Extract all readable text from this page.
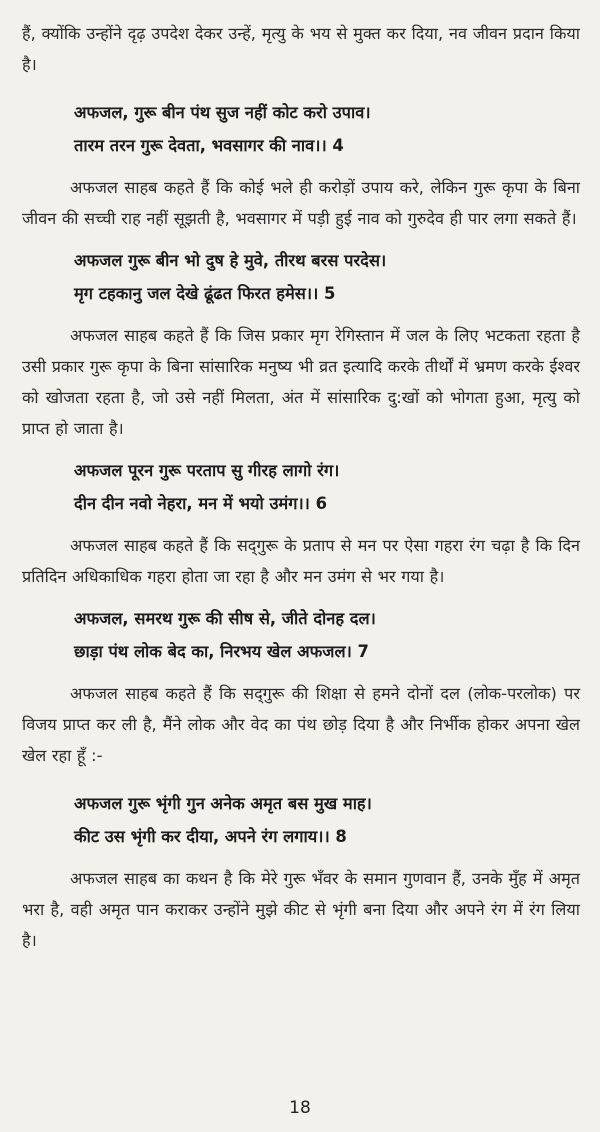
हैं, क्योंकि उन्होंने दृढ़ उपदेश देकर उन्हें, मृत्यु के भय से मुक्त कर दिया, नव जीवन प्रदान किया है।

अफजल, गुरू बीन पंथ सुज नहीं कोट करो उपाव।
तारम तरन गुरू देवता, भवसागर की नाव।। 4

अफजल साहब कहते हैं कि कोई भले ही करोड़ों उपाय करे, लेकिन गुरू कृपा के बिना जीवन की सच्ची राह नहीं सूझती है, भवसागर में पड़ी हुई नाव को गुरुदेव ही पार लगा सकते हैं।

अफजल गुरू बीन भो दुष हे मुवे, तीरथ बरस परदेस।
मृग टहकानु जल देखे ढूंढत फिरत हमेस।। 5

अफजल साहब कहते हैं कि जिस प्रकार मृग रेगिस्तान में जल के लिए भटकता रहता है उसी प्रकार गुरू कृपा के बिना सांसारिक मनुष्य भी व्रत इत्यादि करके तीर्थों में भ्रमण करके ईश्वर को खोजता रहता है, जो उसे नहीं मिलता, अंत में सांसारिक दु:खों को भोगता हुआ, मृत्यु को प्राप्त हो जाता है।

अफजल पूरन गुरू परताप सु गीरह लागो रंग।
दीन दीन नवो नेहरा, मन में भयो उमंग।। 6

अफजल साहब कहते हैं कि सद्‌गुरू के प्रताप से मन पर ऐसा गहरा रंग चढ़ा है कि दिन प्रतिदिन अधिकाधिक गहरा होता जा रहा है और मन उमंग से भर गया है।

अफजल, समरथ गुरू की सीष से, जीते दोनह दल।
छाड़ा पंथ लोक बेद का, निरभय खेल अफजल। 7

अफजल साहब कहते हैं कि सद्‌गुरू की शिक्षा से हमने दोनों दल (लोक-परलोक) पर विजय प्राप्त कर ली है, मैंने लोक और वेद का पंथ छोड़ दिया है और निर्भीक होकर अपना खेल खेल रहा हूँ :-

अफजल गुरू भृंगी गुन अनेक अमृत बस मुख माह।
कीट उस भृंगी कर दीया, अपने रंग लगाय।। 8

अफजल साहब का कथन है कि मेरे गुरू भँवर के समान गुणवान हैं, उनके मुँह में अमृत भरा है, वही अमृत पान कराकर उन्होंने मुझे कीट से भृंगी बना दिया और अपने रंग में रंग लिया है।

18
